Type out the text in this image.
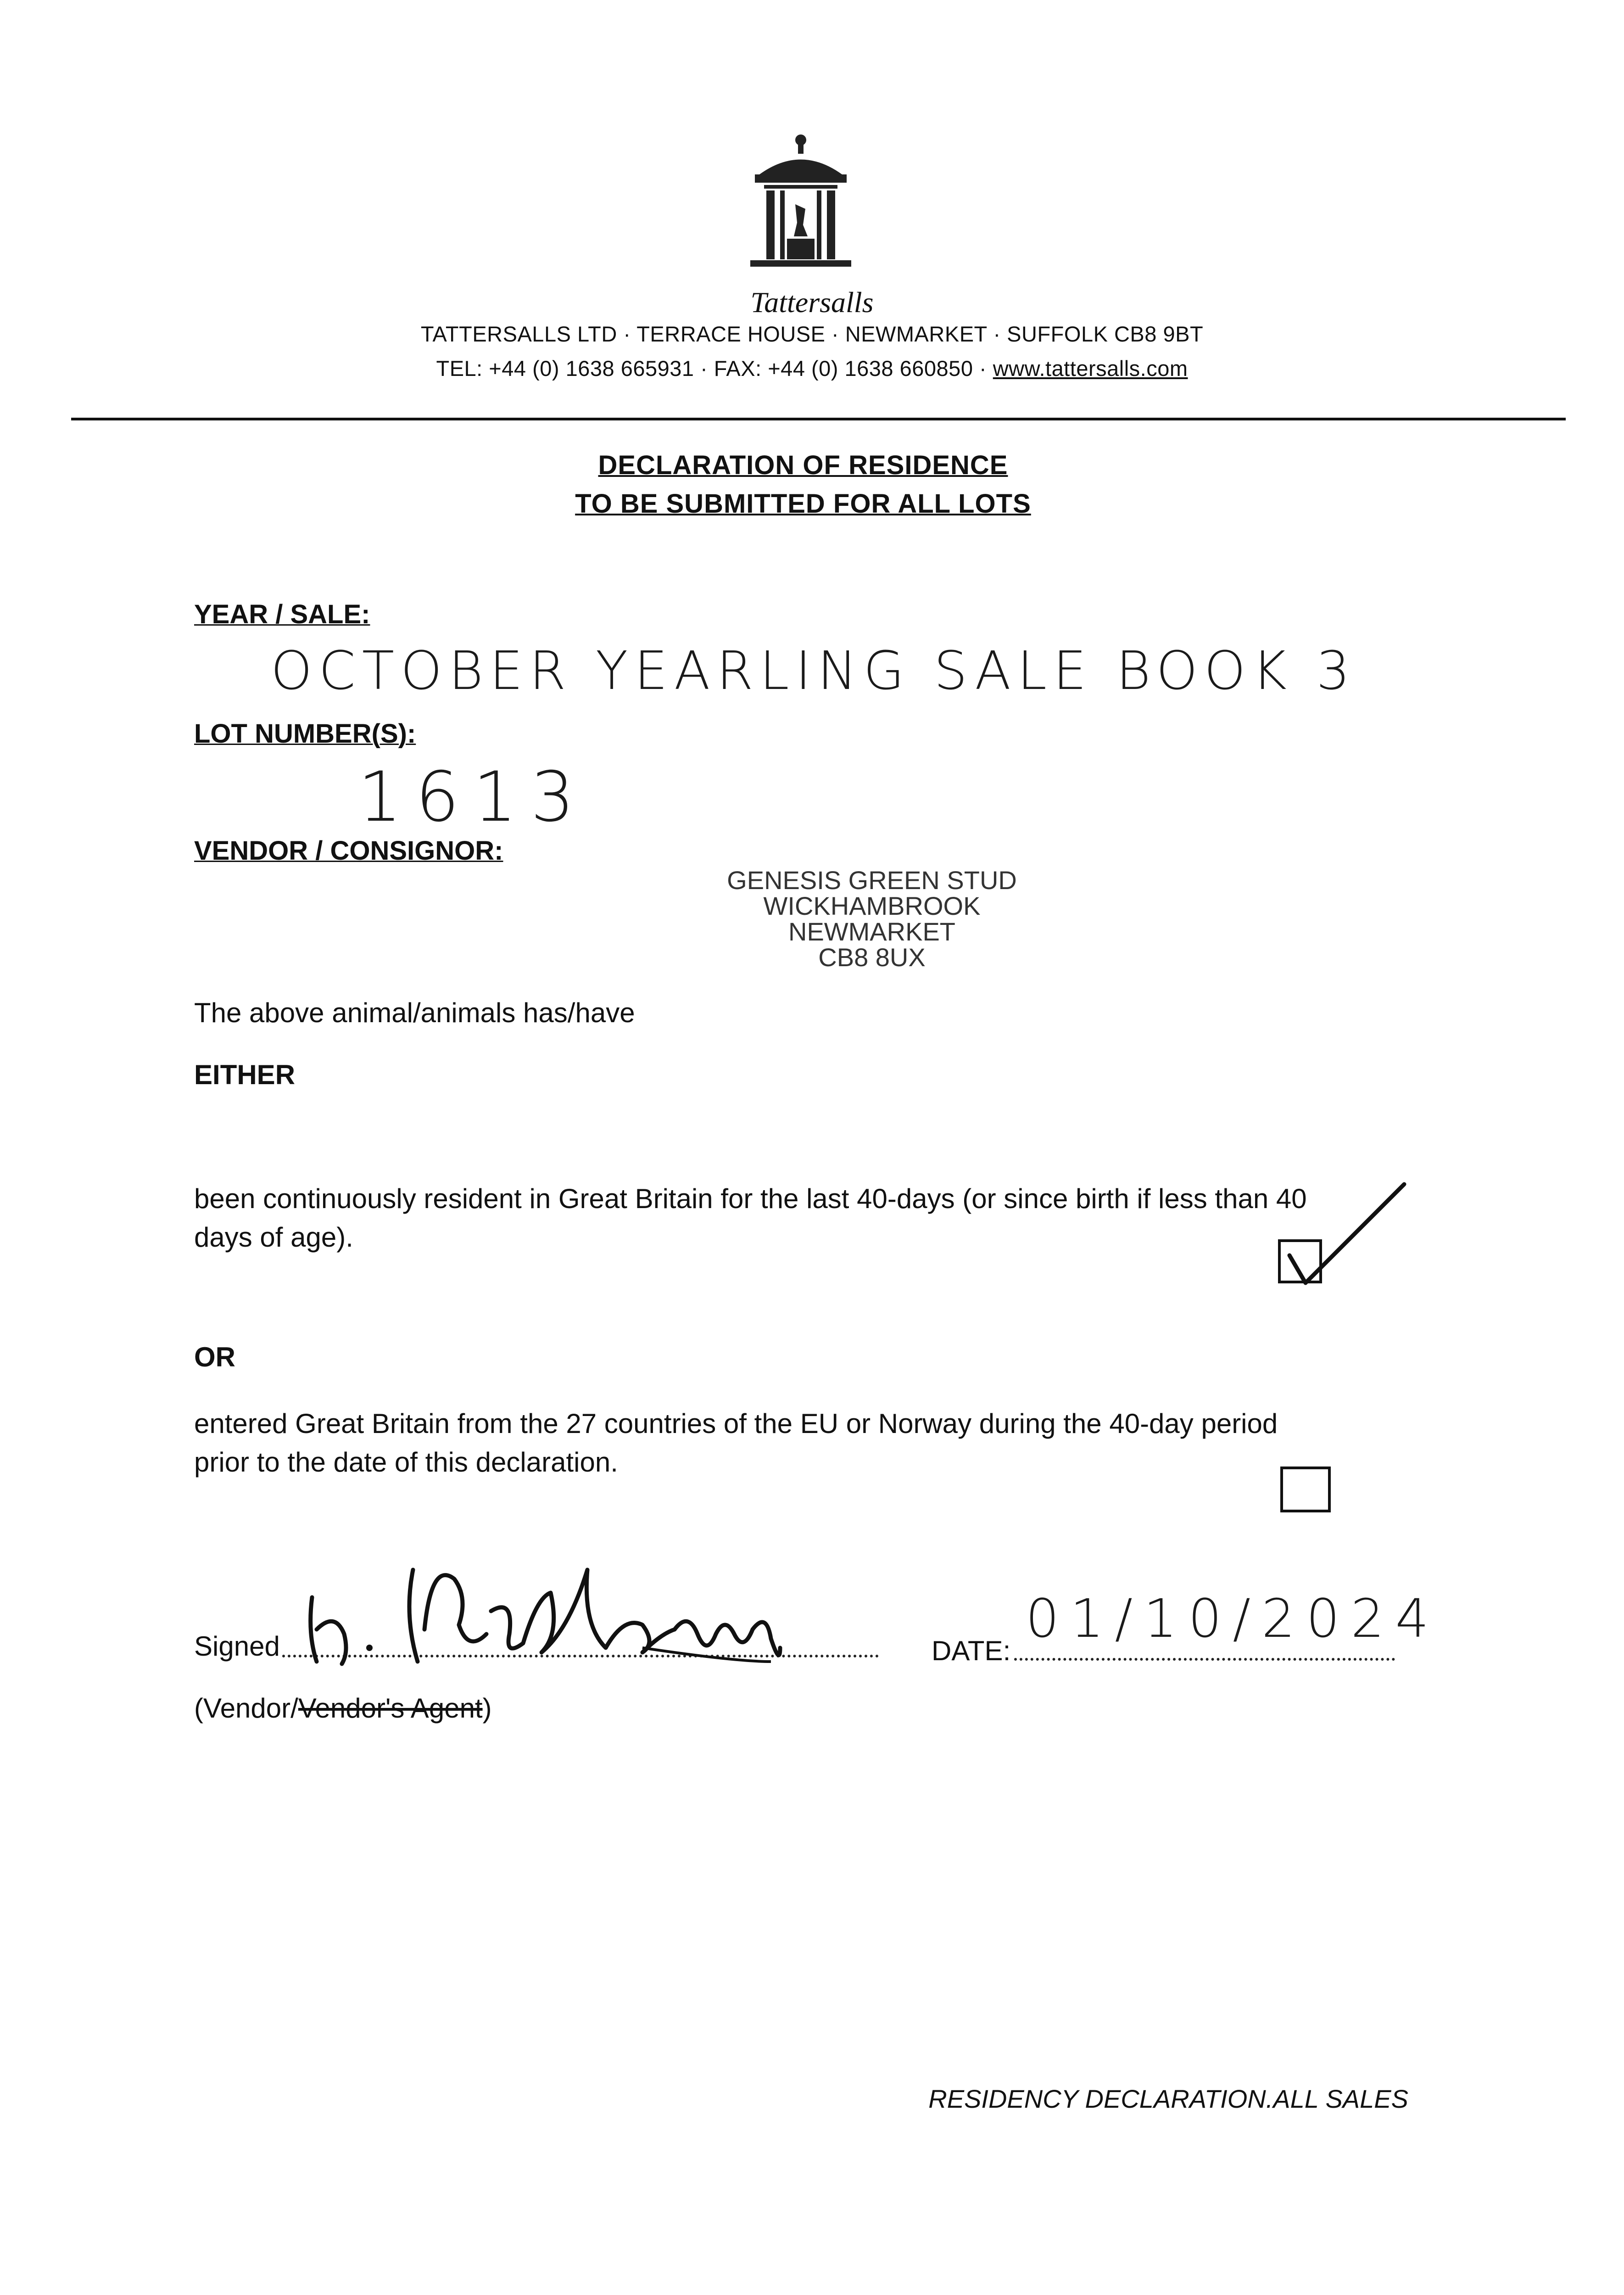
Tattersalls
TATTERSALLS LTD · TERRACE HOUSE · NEWMARKET · SUFFOLK CB8 9BT
TEL: +44 (0) 1638 665931 · FAX: +44 (0) 1638 660850 · www.tattersalls.com
DECLARATION OF RESIDENCE
TO BE SUBMITTED FOR ALL LOTS
YEAR / SALE:
OCTOBER YEARLING SALE BOOK 3
LOT NUMBER(S):
1613
VENDOR / CONSIGNOR:
GENESIS GREEN STUD
WICKHAMBROOK
NEWMARKET
CB8 8UX
The above animal/animals has/have
EITHER
been continuously resident in Great Britain for the last 40-days (or since birth if less than 40
days of age).
OR
entered Great Britain from the 27 countries of the EU or Norway during the 40-day period
prior to the date of this declaration.
Signed	DATE:
01/10/2024
(Vendor/Vendor's Agent)
RESIDENCY DECLARATION.ALL SALES
